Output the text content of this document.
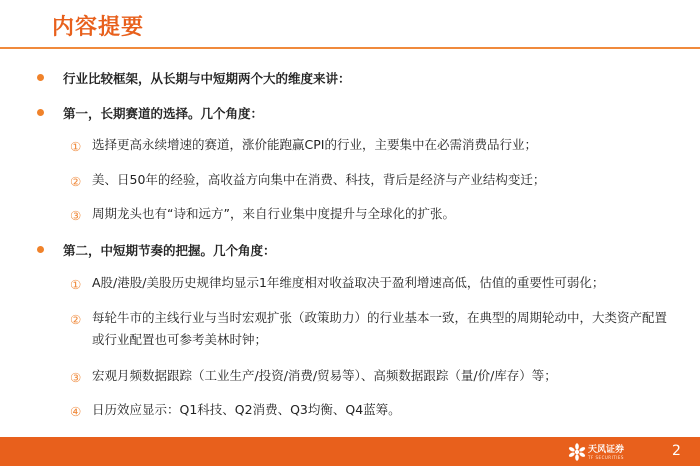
内容提要
行业比较框架，从长期与中短期两个大的维度来讲：
第一，长期赛道的选择。几个角度：
① 选择更高永续增速的赛道，涨价能跑赢CPI的行业，主要集中在必需消费品行业；
② 美、日50年的经验，高收益方向集中在消费、科技，背后是经济与产业结构变迁；
③ 周期龙头也有“诗和远方”，来自行业集中度提升与全球化的扩张。
第二，中短期节奏的把握。几个角度：
① A股/港股/美股历史规律均显示1年维度相对收益取决于盈利增速高低，估值的重要性可弱化；
② 每轮牛市的主线行业与当时宏观扩张（政策助力）的行业基本一致，在典型的周期轮动中，大类资产配置或行业配置也可参考美林时钟；
③ 宏观月频数据跟踪（工业生产/投资/消费/贸易等）、高频数据跟踪（量/价/库存）等；
④ 日历效应显示：Q1科技、Q2消费、Q3均衡、Q4蓝筹。
天风证券
TF SECURITIES	2
